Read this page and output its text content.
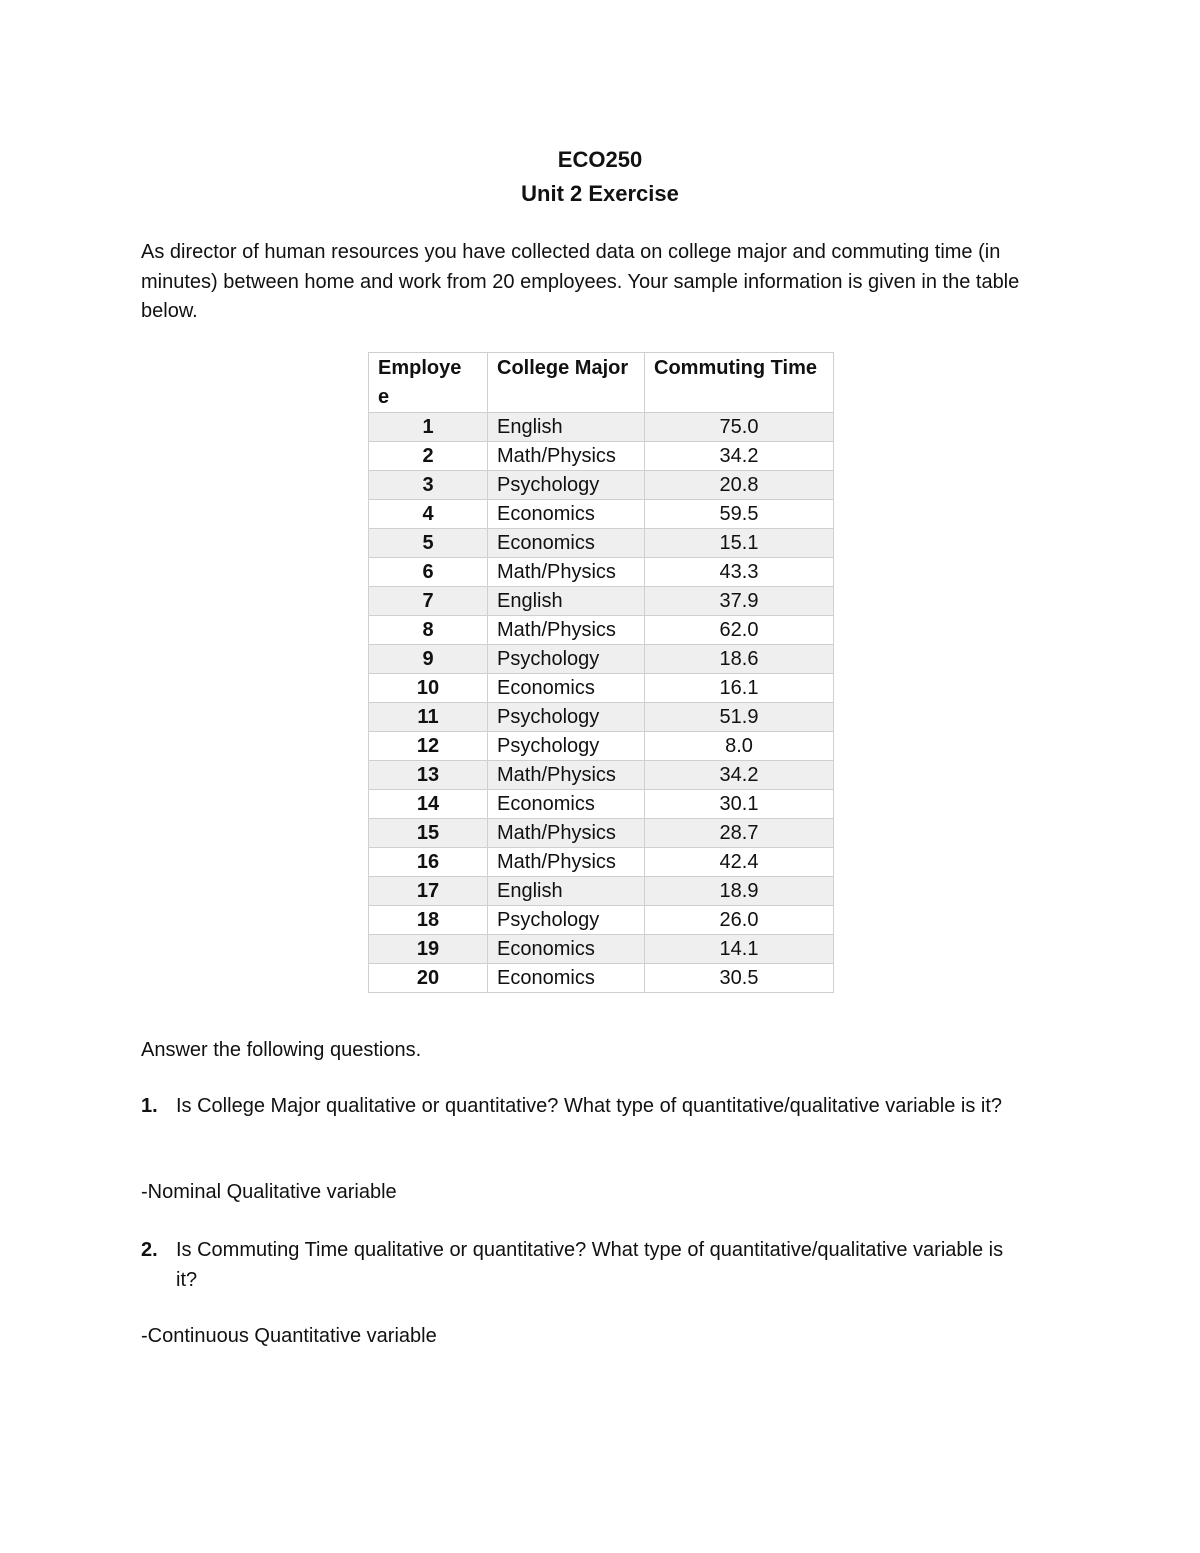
ECO250
Unit 2 Exercise
As director of human resources you have collected data on college major and commuting time (in minutes) between home and work from 20 employees. Your sample information is given in the table below.
Employe e	College Major	Commuting Time
1	English	75.0
2	Math/Physics	34.2
3	Psychology	20.8
4	Economics	59.5
5	Economics	15.1
6	Math/Physics	43.3
7	English	37.9
8	Math/Physics	62.0
9	Psychology	18.6
10	Economics	16.1
11	Psychology	51.9
12	Psychology	8.0
13	Math/Physics	34.2
14	Economics	30.1
15	Math/Physics	28.7
16	Math/Physics	42.4
17	English	18.9
18	Psychology	26.0
19	Economics	14.1
20	Economics	30.5
Answer the following questions.
1. Is College Major qualitative or quantitative? What type of quantitative/qualitative variable is it?
-Nominal Qualitative variable
2. Is Commuting Time qualitative or quantitative? What type of quantitative/qualitative variable is it?
-Continuous Quantitative variable
